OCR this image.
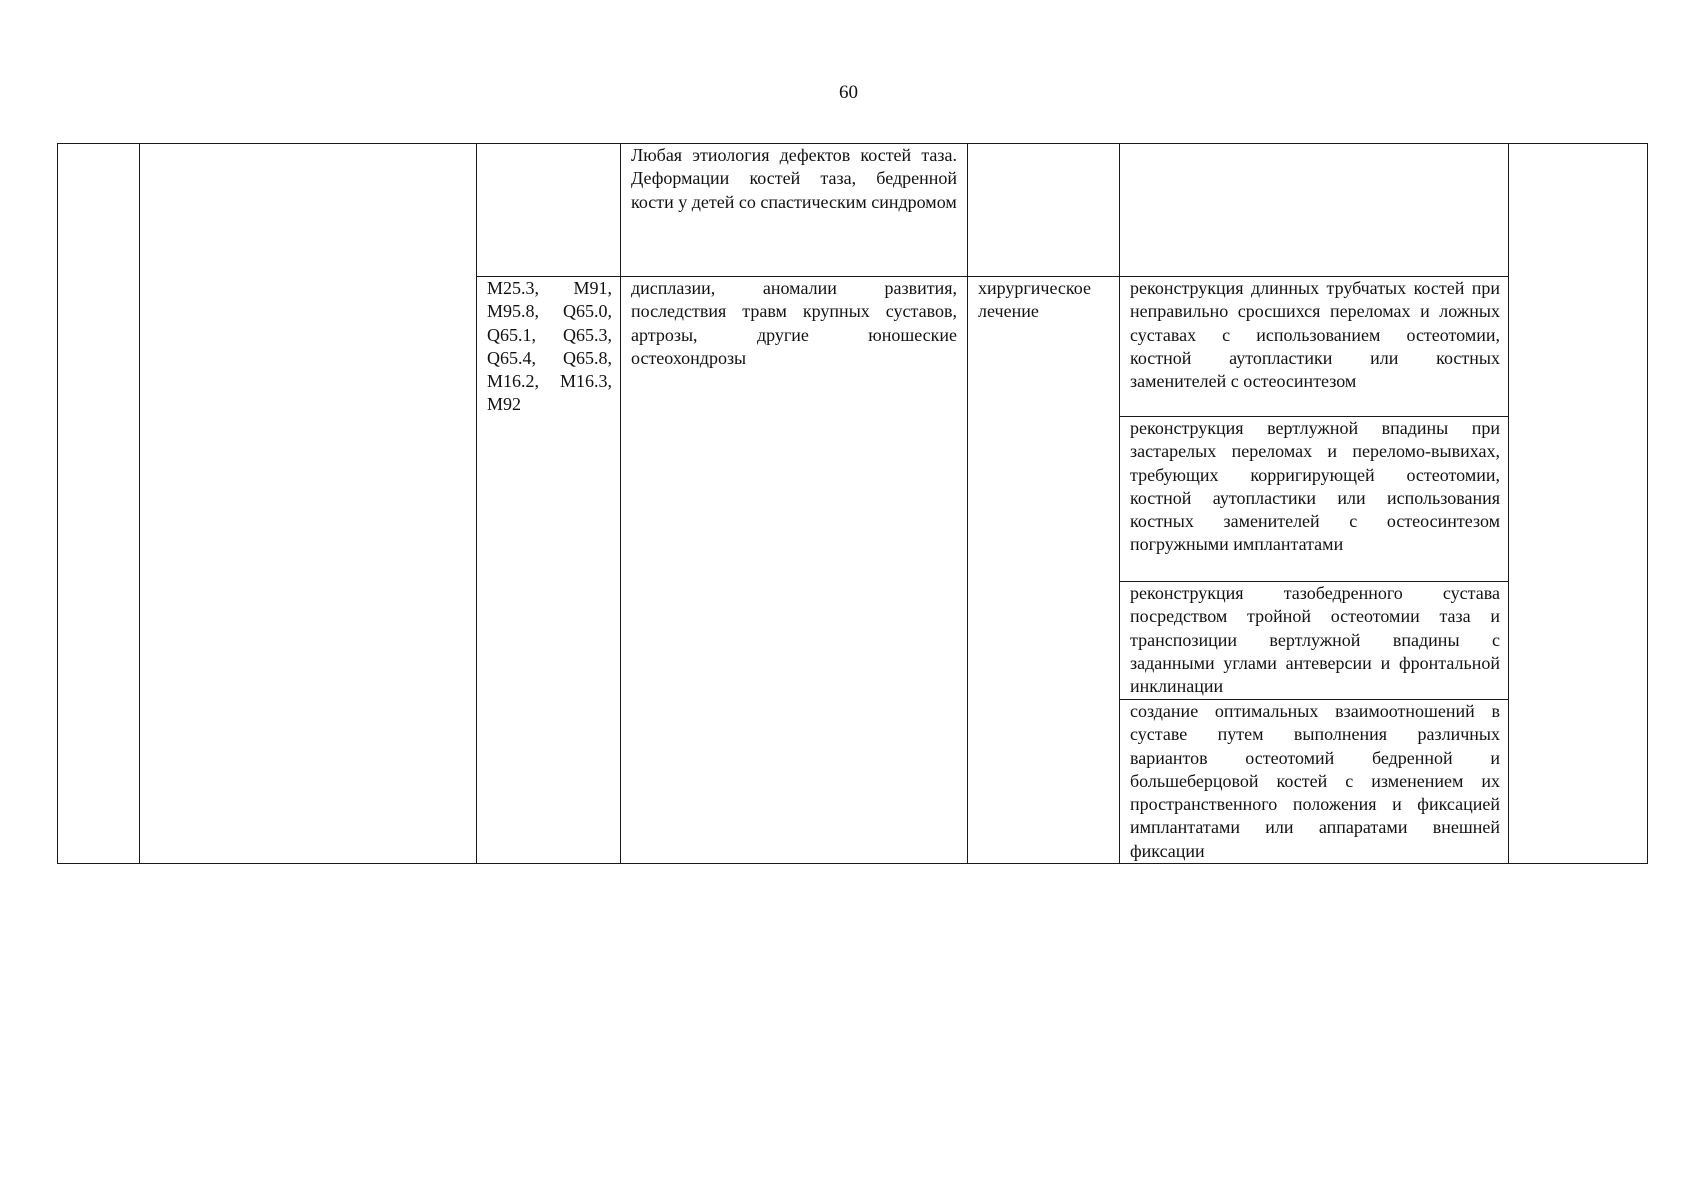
60

			Любая этиология дефектов костей таза. Деформации костей таза, бедренной кости у детей со спастическим синдромом			

		M25.3, M91, M95.8, Q65.0, Q65.1, Q65.3, Q65.4, Q65.8, M16.2, M16.3, M92	дисплазии, аномалии развития, последствия травм крупных суставов, артрозы, другие юношеские остеохондрозы	хирургическое лечение	реконструкция длинных трубчатых костей при неправильно сросшихся переломах и ложных суставах с использованием остеотомии, костной аутопластики или костных заменителей с остеосинтезом	

					реконструкция вертлужной впадины при застарелых переломах и переломо-вывихах, требующих корригирующей остеотомии, костной аутопластики или использования костных заменителей с остеосинтезом погружными имплантатами	

					реконструкция тазобедренного сустава посредством тройной остеотомии таза и транспозиции вертлужной впадины с заданными углами антеверсии и фронтальной инклинации	

					создание оптимальных взаимоотношений в суставе путем выполнения различных вариантов остеотомий бедренной и большеберцовой костей с изменением их пространственного положения и фиксацией имплантатами или аппаратами внешней фиксации	
